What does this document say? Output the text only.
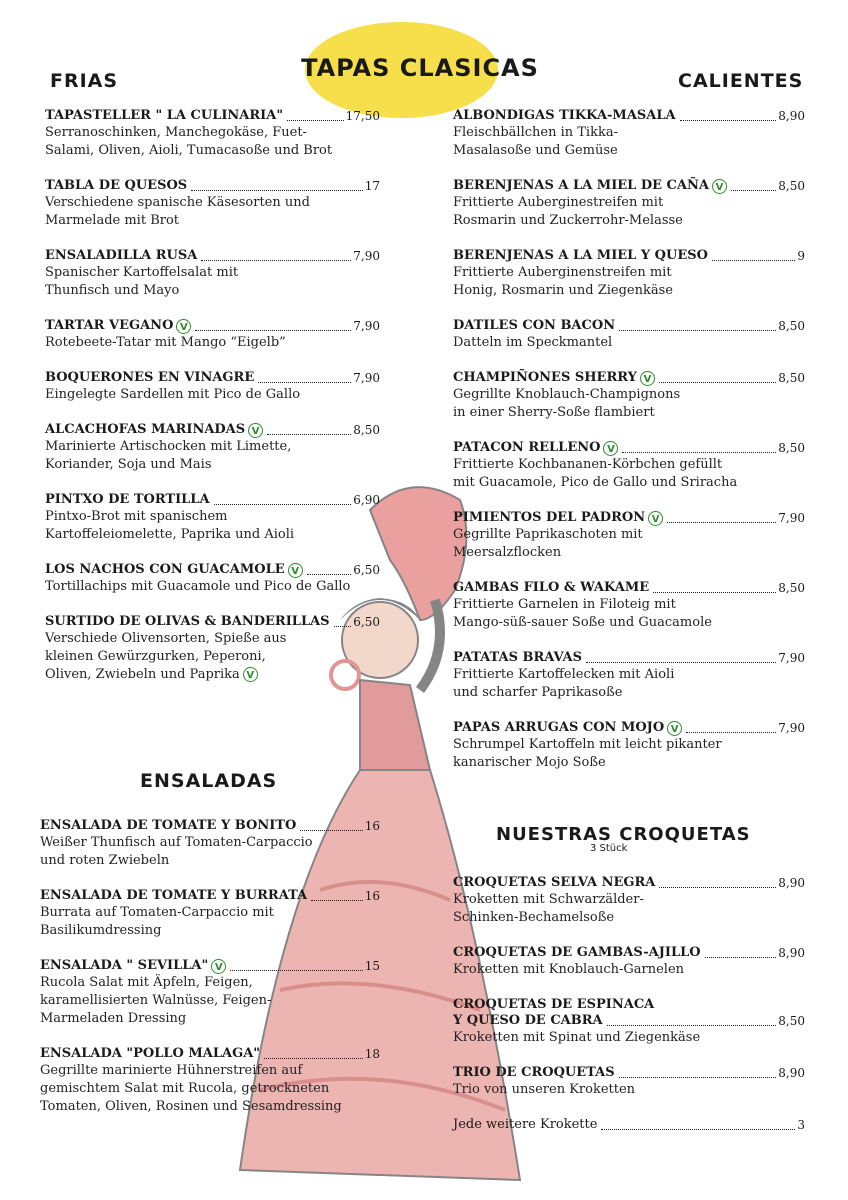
TAPAS CLASICAS
FRIAS	CALIENTES
ENSALADAS
NUESTRAS CROQUETAS
3 Stück
TAPASTELLER " LA CULINARIA"	17,50
Serranoschinken, Manchegokäse, Fuet-
Salami, Oliven, Aioli, Tumacasoße und Brot
TABLA DE QUESOS	17
Verschiedene spanische Käsesorten und
Marmelade mit Brot
ENSALADILLA RUSA	7,90
Spanischer Kartoffelsalat mit
Thunfisch und Mayo
TARTAR VEGANO V	7,90
Rotebeete-Tatar mit Mango “Eigelb”
BOQUERONES EN VINAGRE	7,90
Eingelegte Sardellen mit Pico de Gallo
ALCACHOFAS MARINADAS V	8,50
Marinierte Artischocken mit Limette,
Koriander, Soja und Mais
PINTXO DE TORTILLA	6,90
Pintxo-Brot mit spanischem
Kartoffeleiomelette, Paprika und Aioli
LOS NACHOS CON GUACAMOLE V	6,50
Tortillachips mit Guacamole und Pico de Gallo
SURTIDO DE OLIVAS & BANDERILLAS 6,50
Verschiede Olivensorten, Spieße aus
kleinen Gewürzgurken, Peperoni,
Oliven, Zwiebeln und Paprika V
ENSALADA DE TOMATE Y BONITO	16
Weißer Thunfisch auf Tomaten-Carpaccio
und roten Zwiebeln
ENSALADA DE TOMATE Y BURRATA	16
Burrata auf Tomaten-Carpaccio mit
Basilikumdressing
ENSALADA " SEVILLA" V	15
Rucola Salat mit Äpfeln, Feigen,
karamellisierten Walnüsse, Feigen-
Marmeladen Dressing
ENSALADA "POLLO MALAGA"	18
Gegrillte marinierte Hühnerstreifen auf
gemischtem Salat mit Rucola, getrockneten
Tomaten, Oliven, Rosinen und Sesamdressing
ALBONDIGAS TIKKA-MASALA	8,90
Fleischbällchen in Tikka-
Masalasoße und Gemüse
BERENJENAS A LA MIEL DE CAÑA V	8,50
Frittierte Auberginestreifen mit
Rosmarin und Zuckerrohr-Melasse
BERENJENAS A LA MIEL Y QUESO	9
Frittierte Auberginenstreifen mit
Honig, Rosmarin und Ziegenkäse
DATILES CON BACON	8,50
Datteln im Speckmantel
CHAMPIÑONES SHERRY V	8,50
Gegrillte Knoblauch-Champignons
in einer Sherry-Soße flambiert
PATACON RELLENO V	8,50
Frittierte Kochbananen-Körbchen gefüllt
mit Guacamole, Pico de Gallo und Sriracha
PIMIENTOS DEL PADRON V	7,90
Gegrillte Paprikaschoten mit
Meersalzflocken
GAMBAS FILO & WAKAME	8,50
Frittierte Garnelen in Filoteig mit
Mango-süß-sauer Soße und Guacamole
PATATAS BRAVAS	7,90
Frittierte Kartoffelecken mit Aioli
und scharfer Paprikasoße
PAPAS ARRUGAS CON MOJO V	7,90
Schrumpel Kartoffeln mit leicht pikanter
kanarischer Mojo Soße
CROQUETAS SELVA NEGRA	8,90
Kroketten mit Schwarzälder-
Schinken-Bechamelsoße
CROQUETAS DE GAMBAS-AJILLO	8,90
Kroketten mit Knoblauch-Garnelen
CROQUETAS DE ESPINACA
Y QUESO DE CABRA	8,50
Kroketten mit Spinat und Ziegenkäse
TRIO DE CROQUETAS	8,90
Trio von unseren Kroketten
Jede weitere Krokette	3
